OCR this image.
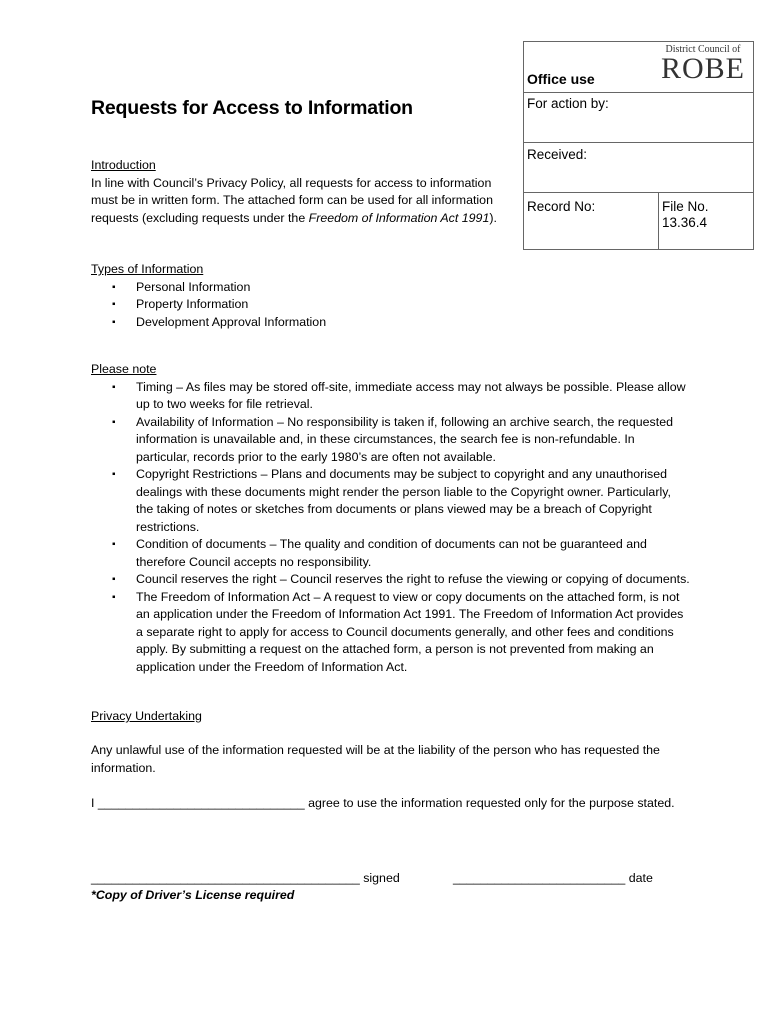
Requests for Access to Information
Office use
District Council of
ROBE
For action by:
Received:
Record No:	File No.
13.36.4
Introduction
In line with Council’s Privacy Policy, all requests for access to information must be in written form. The attached form can be used for all information requests (excluding requests under the Freedom of Information Act 1991).
Types of Information
▪ Personal Information
▪ Property Information
▪ Development Approval Information
Please note
▪ Timing – As files may be stored off-site, immediate access may not always be possible. Please allow up to two weeks for file retrieval.
▪ Availability of Information – No responsibility is taken if, following an archive search, the requested information is unavailable and, in these circumstances, the search fee is non-refundable. In particular, records prior to the early 1980’s are often not available.
▪ Copyright Restrictions – Plans and documents may be subject to copyright and any unauthorised dealings with these documents might render the person liable to the Copyright owner. Particularly, the taking of notes or sketches from documents or plans viewed may be a breach of Copyright restrictions.
▪ Condition of documents – The quality and condition of documents can not be guaranteed and therefore Council accepts no responsibility.
▪ Council reserves the right – Council reserves the right to refuse the viewing or copying of documents.
▪ The Freedom of Information Act – A request to view or copy documents on the attached form, is not an application under the Freedom of Information Act 1991. The Freedom of Information Act provides a separate right to apply for access to Council documents generally, and other fees and conditions apply. By submitting a request on the attached form, a person is not prevented from making an application under the Freedom of Information Act.
Privacy Undertaking
Any unlawful use of the information requested will be at the liability of the person who has requested the information.
I ______________________________ agree to use the information requested only for the purpose stated.
_______________________________________ signed	_________________________ date
*Copy of Driver’s License required
